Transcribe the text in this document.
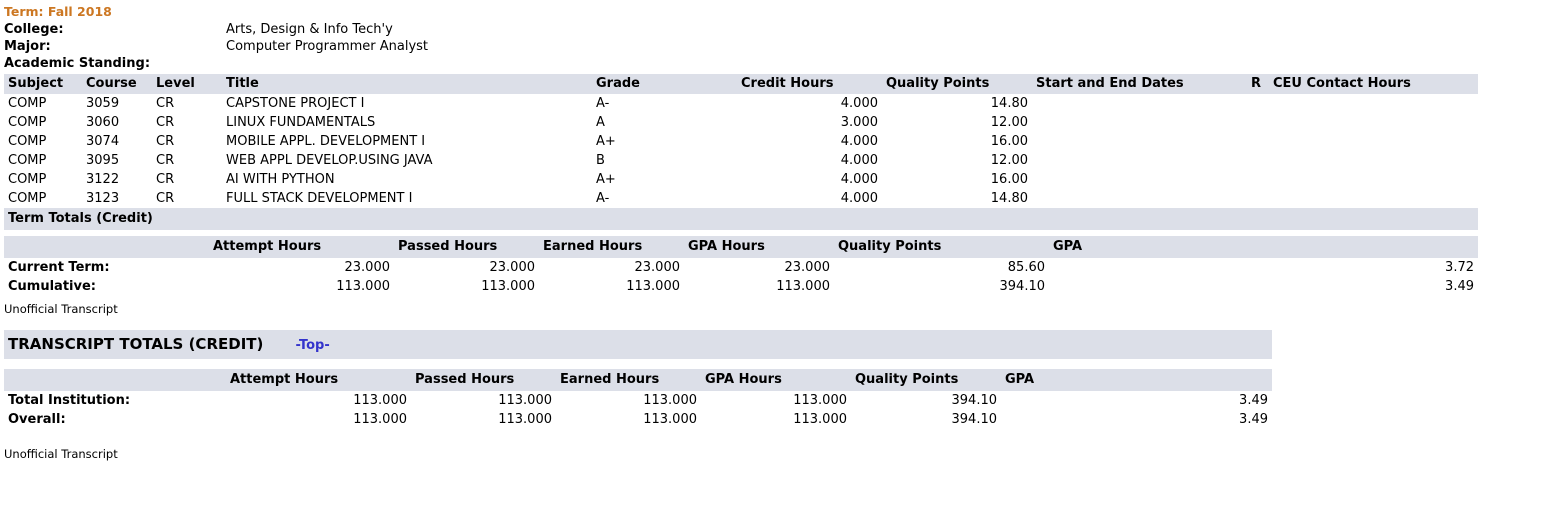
Term: Fall 2018
College:	Arts, Design & Info Tech'y
Major:	Computer Programmer Analyst
Academic Standing:	
Subject	Course	Level	Title	Grade	Credit Hours	Quality Points	Start and End Dates	R	CEU Contact Hours
COMP	3059	CR	CAPSTONE PROJECT I	A-	4.000	14.80			
COMP	3060	CR	LINUX FUNDAMENTALS	A	3.000	12.00			
COMP	3074	CR	MOBILE APPL. DEVELOPMENT I	A+	4.000	16.00			
COMP	3095	CR	WEB APPL DEVELOP.USING JAVA	B	4.000	12.00			
COMP	3122	CR	AI WITH PYTHON	A+	4.000	16.00			
COMP	3123	CR	FULL STACK DEVELOPMENT I	A-	4.000	14.80			
Term Totals (Credit)
	Attempt Hours	Passed Hours	Earned Hours	GPA Hours	Quality Points	GPA
Current Term:	23.000	23.000	23.000	23.000	85.60	3.72
Cumulative:	113.000	113.000	113.000	113.000	394.10	3.49
Unofficial Transcript
TRANSCRIPT TOTALS (CREDIT) -Top-
	Attempt Hours	Passed Hours	Earned Hours	GPA Hours	Quality Points	GPA
Total Institution:	113.000	113.000	113.000	113.000	394.10	3.49
Overall:	113.000	113.000	113.000	113.000	394.10	3.49
Unofficial Transcript
